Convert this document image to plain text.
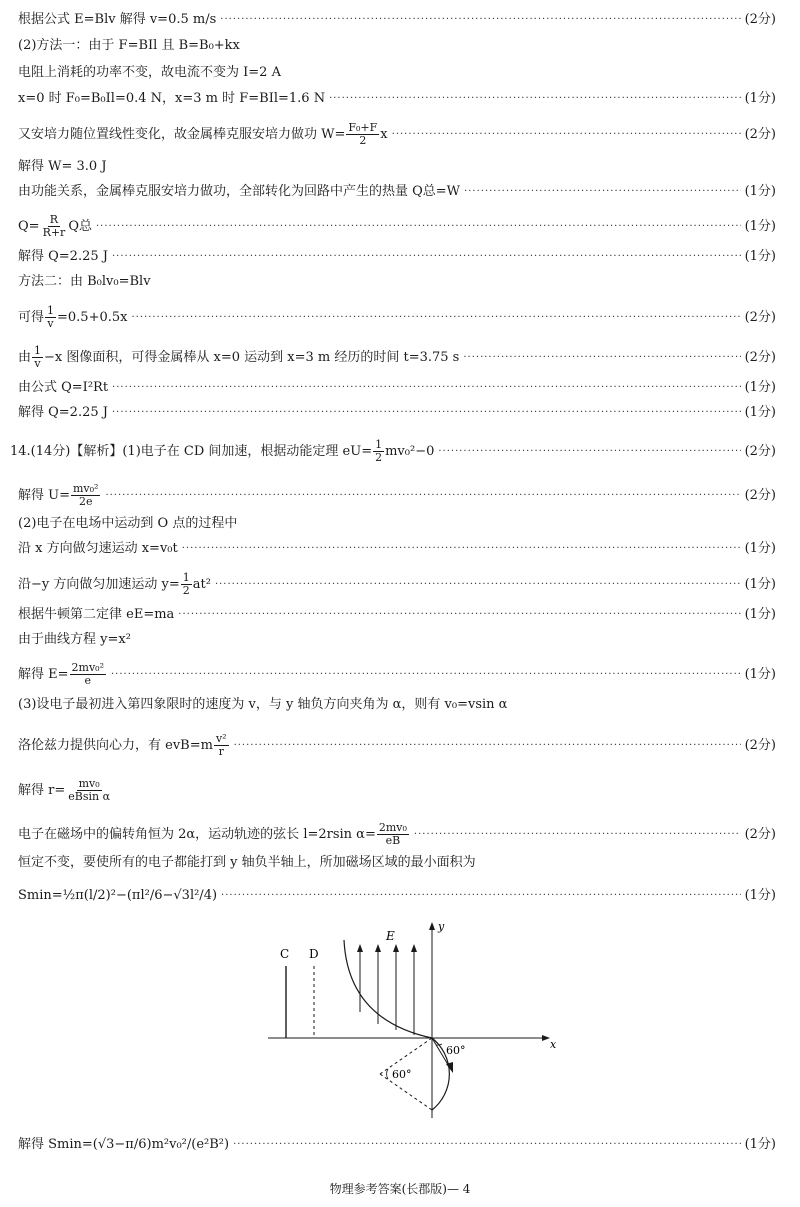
根据公式 E=Blv 解得 v=0.5 m/s ·····	(2分)
(2)方法一：由于 F=BIl 且 B=B₀+kx
电阻上消耗的功率不变，故电流不变为 I=2 A
x=0 时 F₀=B₀Il=0.4 N，x=3 m 时 F=BIl=1.6 N ·····	(1分)
又安培力随位置线性变化，故金属棒克服安培力做功 $W= \frac{\text{F₀+F}}{2}$ x ·····	(2分)
解得 W= 3.0 J
由功能关系，金属棒克服安培力做功，全部转化为回路中产生的热量 Q总=W ·····	(1分)
$Q= \frac{R}{R+r}$ Q总 ·····	(1分)
解得 Q=2.25 J ·····	(1分)
方法二：由 B₀lv₀=Blv
可得 $\frac{1}{v} =0.5+0.5x$ ·····	(2分)
由 $\frac{1}{v} -x$ 图像面积，可得金属棒从 x=0 运动到 x=3 m 经历的时间 t=3.75 s ·····	(2分)
由公式 Q=I²Rt ·····	(1分)
解得 Q=2.25 J ·····	(1分)
14.(14分)【解析】(1)电子在 CD 间加速，根据动能定理 $eU= \frac{1}{2} mv_0^2-0$ ·····	(2分)
解得 $U= \frac{\text{mv₀²}}{2e}$ ·····	(2分)
(2)电子在电场中运动到 O 点的过程中
沿 x 方向做匀速运动 x=v₀t ·····	(1分)
沿−y 方向做匀加速运动 $y= \frac{1}{2} at^2$ ·····	(1分)
根据牛顿第二定律 eE=ma ·····	(1分)
由于曲线方程 y=x²
解得 $E= \frac{\text{2mv₀²}}{e}$ ·····	(1分)
(3)设电子最初进入第四象限时的速度为 v，与 y 轴负方向夹角为 α，则有 v₀=vsin α
洛伦兹力提供向心力，有 $evB=m \frac{\text{v²}}{r}$ ·····	(2分)
解得 $r= \frac{\text{mv₀}}{\text{eBsin α}}$
电子在磁场中的偏转角恒为 2α，运动轨迹的弦长 l=2rsin $\alpha= \frac{\text{2mv₀}}{eB}$ ·····	(2分)
恒定不变，要使所有的电子都能打到 y 轴负半轴上，所加磁场区域的最小面积为
Smin=½π(l/2)²−(πl²/6−√3l²/4) ·····	(1分)
x
y
C D
E
60°
60°
解得 Smin=(√3−π/6)m²v₀²/(e²B²) ·····	(1分)
物理参考答案(长郡版)— 4
